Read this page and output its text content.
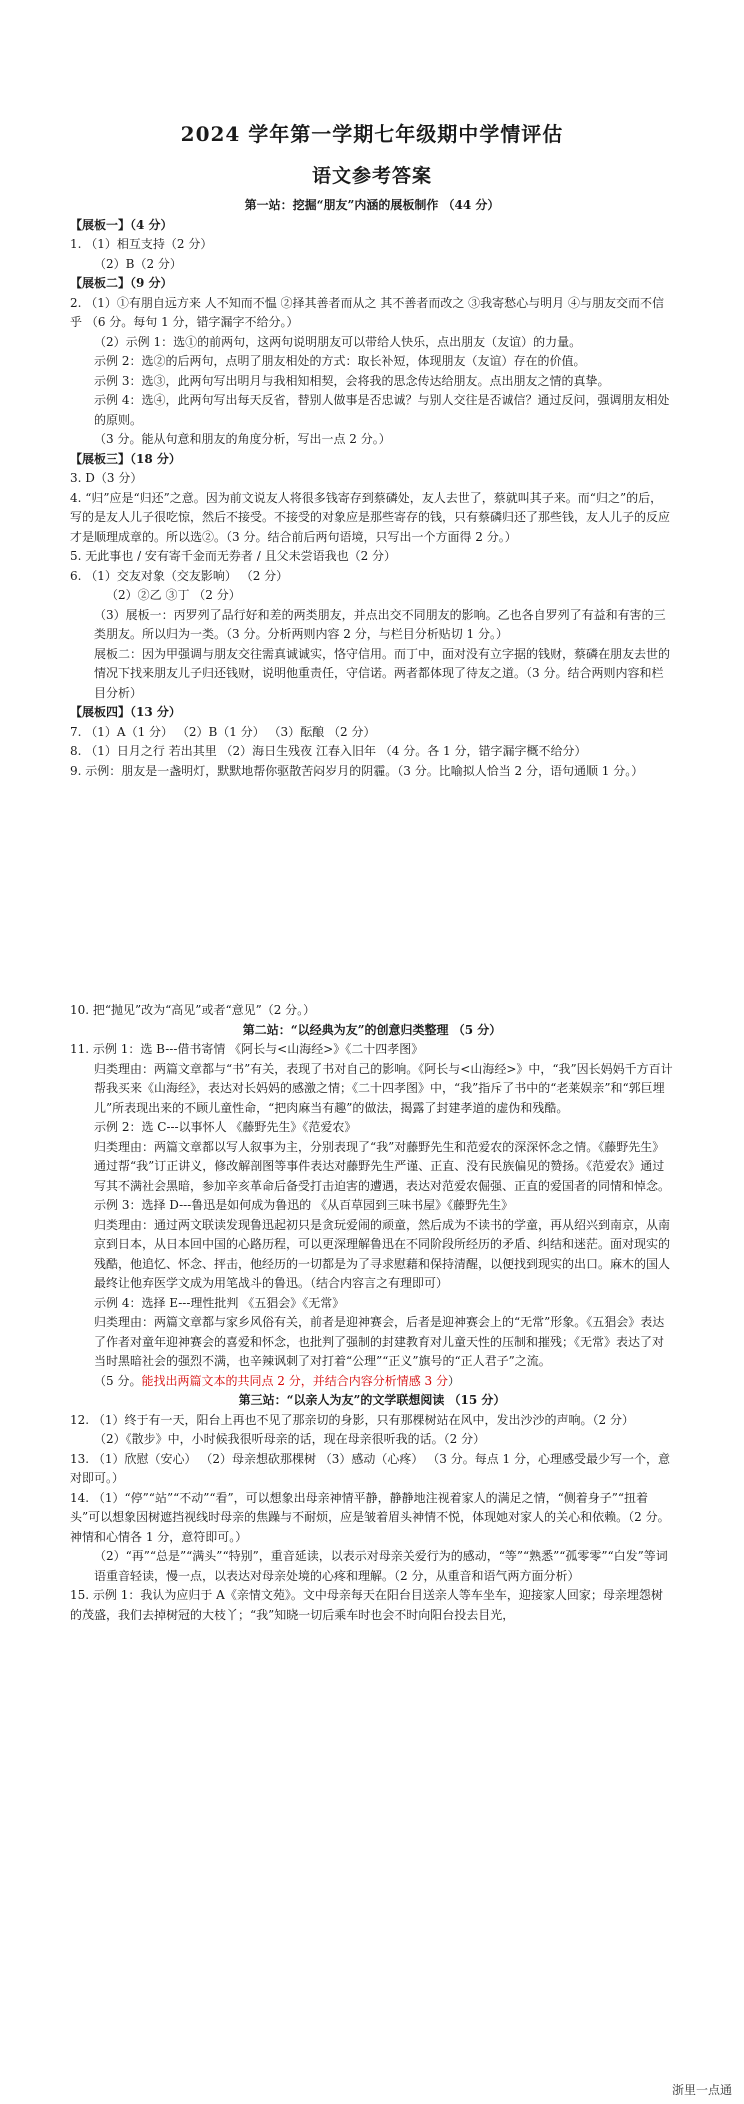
2024 学年第一学期七年级期中学情评估
语文参考答案

第一站：挖掘“朋友”内涵的展板制作 （44 分）

【展板一】（4 分）

1. （1）相互支持（2 分）

（2）B（2 分）

【展板二】（9 分）

2. （1）①有朋自远方来 人不知而不愠 ②择其善者而从之 其不善者而改之 ③我寄愁心与明月 ④与朋友交而不信乎 （6 分。每句 1 分，错字漏字不给分。）

（2）示例 1：选①的前两句，这两句说明朋友可以带给人快乐，点出朋友（友谊）的力量。

示例 2：选②的后两句，点明了朋友相处的方式：取长补短，体现朋友（友谊）存在的价值。

示例 3：选③，此两句写出明月与我相知相契，会将我的思念传达给朋友。点出朋友之情的真挚。

示例 4：选④，此两句写出每天反省，替别人做事是否忠诚？与别人交往是否诚信？通过反问，强调朋友相处的原则。

（3 分。能从句意和朋友的角度分析，写出一点 2 分。）

【展板三】（18 分）

3. D（3 分）

4. “归”应是“归还”之意。因为前文说友人将很多钱寄存到蔡磷处，友人去世了，蔡就叫其子来。而“归之”的后，写的是友人儿子很吃惊，然后不接受。不接受的对象应是那些寄存的钱，只有蔡磷归还了那些钱，友人儿子的反应才是顺理成章的。所以选②。（3 分。结合前后两句语境，只写出一个方面得 2 分。）

5. 无此事也 / 安有寄千金而无券者 / 且父未尝语我也（2 分）

6. （1）交友对象（交友影响） （2 分）

（2）②乙 ③丁 （2 分）

（3）展板一：丙罗列了品行好和差的两类朋友，并点出交不同朋友的影响。乙也各自罗列了有益和有害的三类朋友。所以归为一类。（3 分。分析两则内容 2 分，与栏目分析贴切 1 分。）

展板二：因为甲强调与朋友交往需真诚诚实，恪守信用。而丁中，面对没有立字据的钱财，蔡磷在朋友去世的情况下找来朋友儿子归还钱财，说明他重责任，守信诺。两者都体现了待友之道。（3 分。结合两则内容和栏目分析）

【展板四】（13 分）

7. （1）A（1 分） （2）B（1 分） （3）酝酿 （2 分）

8. （1）日月之行 若出其里 （2）海日生残夜 江春入旧年 （4 分。各 1 分，错字漏字概不给分）

9. 示例：朋友是一盏明灯，默默地帮你驱散苦闷岁月的阴霾。（3 分。比喻拟人恰当 2 分，语句通顺 1 分。）

10. 把“抛见”改为“高见”或者“意见”（2 分。）

第二站：“以经典为友”的创意归类整理 （5 分）

11. 示例 1：选 B---借书寄情 《阿长与<山海经>》《二十四孝图》

归类理由：两篇文章都与“书”有关，表现了书对自己的影响。《阿长与<山海经>》中，“我”因长妈妈千方百计帮我买来《山海经》，表达对长妈妈的感激之情；《二十四孝图》中，“我”指斥了书中的“老莱娱亲”和“郭巨埋儿”所表现出来的不顾儿童性命，“把肉麻当有趣”的做法，揭露了封建孝道的虚伪和残酷。

示例 2：选 C---以事怀人 《藤野先生》《范爱农》

归类理由：两篇文章都以写人叙事为主，分别表现了“我”对藤野先生和范爱农的深深怀念之情。《藤野先生》通过帮“我”订正讲义，修改解剖图等事件表达对藤野先生严谨、正直、没有民族偏见的赞扬。《范爱农》通过写其不满社会黑暗，参加辛亥革命后备受打击迫害的遭遇，表达对范爱农倔强、正直的爱国者的同情和悼念。

示例 3：选择 D---鲁迅是如何成为鲁迅的 《从百草园到三味书屋》《藤野先生》

归类理由：通过两文联读发现鲁迅起初只是贪玩爱闹的顽童，然后成为不读书的学童，再从绍兴到南京，从南京到日本，从日本回中国的心路历程，可以更深理解鲁迅在不同阶段所经历的矛盾、纠结和迷茫。面对现实的残酷，他追忆、怀念、抨击，他经历的一切都是为了寻求慰藉和保持清醒，以便找到现实的出口。麻木的国人最终让他弃医学文成为用笔战斗的鲁迅。（结合内容言之有理即可）

示例 4：选择 E---理性批判 《五猖会》《无常》

归类理由：两篇文章都与家乡风俗有关，前者是迎神赛会，后者是迎神赛会上的“无常”形象。《五猖会》表达了作者对童年迎神赛会的喜爱和怀念，也批判了强制的封建教育对儿童天性的压制和摧残；《无常》表达了对当时黑暗社会的强烈不满，也辛辣讽刺了对打着“公理”“正义”旗号的“正人君子”之流。

（5 分。能找出两篇文本的共同点 2 分，并结合内容分析情感 3 分）

第三站：“以亲人为友”的文学联想阅读 （15 分）

12. （1）终于有一天，阳台上再也不见了那亲切的身影，只有那棵树站在风中，发出沙沙的声响。（2 分）

（2）《散步》中，小时候我很听母亲的话，现在母亲很听我的话。（2 分）

13. （1）欣慰（安心） （2）母亲想砍那棵树 （3）感动（心疼） （3 分。每点 1 分，心理感受最少写一个，意对即可。）

14. （1）“停”“站”“不动”“看”，可以想象出母亲神情平静，静静地注视着家人的满足之情，“侧着身子”“扭着头”可以想象因树遮挡视线时母亲的焦躁与不耐烦，应是皱着眉头神情不悦，体现她对家人的关心和依赖。（2 分。神情和心情各 1 分，意符即可。）

（2）“再”“总是”“满头”“特别”，重音延读，以表示对母亲关爱行为的感动，“等”“熟悉”“孤零零”“白发”等词语重音轻读，慢一点，以表达对母亲处境的心疼和理解。（2 分，从重音和语气两方面分析）

15. 示例 1：我认为应归于 A《亲情文苑》。文中母亲每天在阳台目送亲人等车坐车，迎接家人回家；母亲埋怨树的茂盛，我们去掉树冠的大枝丫；“我”知晓一切后乘车时也会不时向阳台投去目光，

浙里一点通
